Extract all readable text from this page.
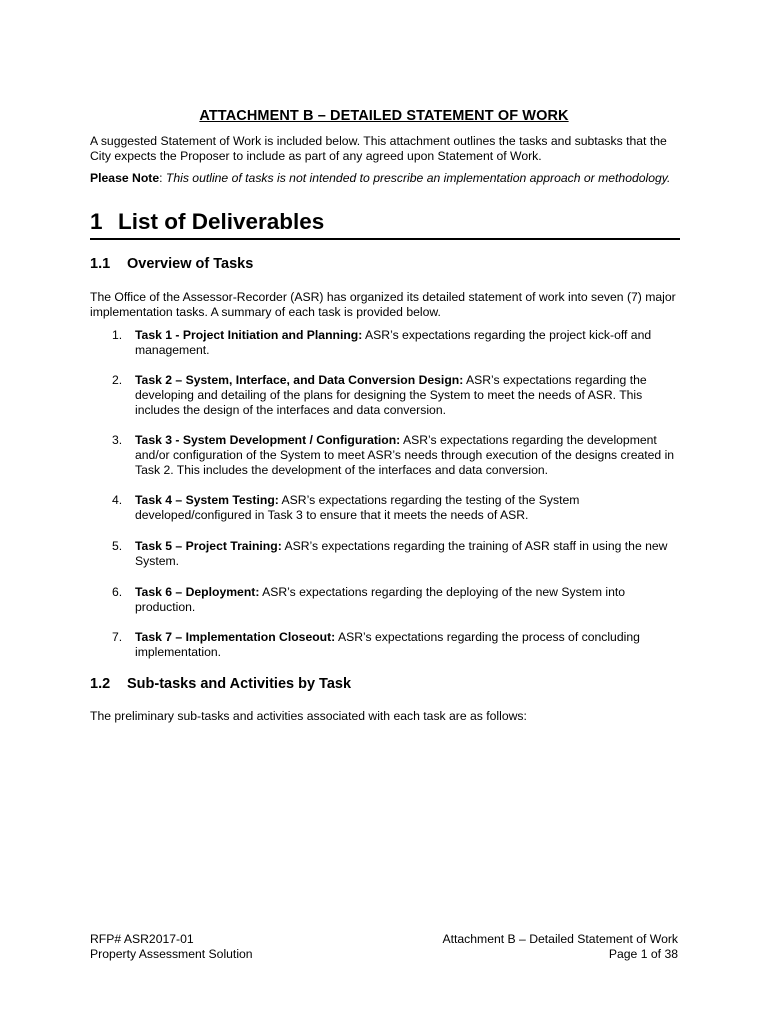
ATTACHMENT B – DETAILED STATEMENT OF WORK
A suggested Statement of Work is included below. This attachment outlines the tasks and subtasks that the City expects the Proposer to include as part of any agreed upon Statement of Work.
Please Note: This outline of tasks is not intended to prescribe an implementation approach or methodology.
1 List of Deliverables
1.1 Overview of Tasks
The Office of the Assessor-Recorder (ASR) has organized its detailed statement of work into seven (7) major implementation tasks. A summary of each task is provided below.
1. Task 1 - Project Initiation and Planning: ASR’s expectations regarding the project kick-off and management.
2. Task 2 – System, Interface, and Data Conversion Design: ASR’s expectations regarding the developing and detailing of the plans for designing the System to meet the needs of ASR. This includes the design of the interfaces and data conversion.
3. Task 3 - System Development / Configuration: ASR’s expectations regarding the development and/or configuration of the System to meet ASR’s needs through execution of the designs created in Task 2. This includes the development of the interfaces and data conversion.
4. Task 4 – System Testing: ASR’s expectations regarding the testing of the System developed/configured in Task 3 to ensure that it meets the needs of ASR.
5. Task 5 – Project Training: ASR’s expectations regarding the training of ASR staff in using the new System.
6. Task 6 – Deployment: ASR’s expectations regarding the deploying of the new System into production.
7. Task 7 – Implementation Closeout: ASR’s expectations regarding the process of concluding implementation.
1.2 Sub-tasks and Activities by Task
The preliminary sub-tasks and activities associated with each task are as follows:
RFP# ASR2017-01
Property Assessment Solution
Attachment B – Detailed Statement of Work
Page 1 of 38
